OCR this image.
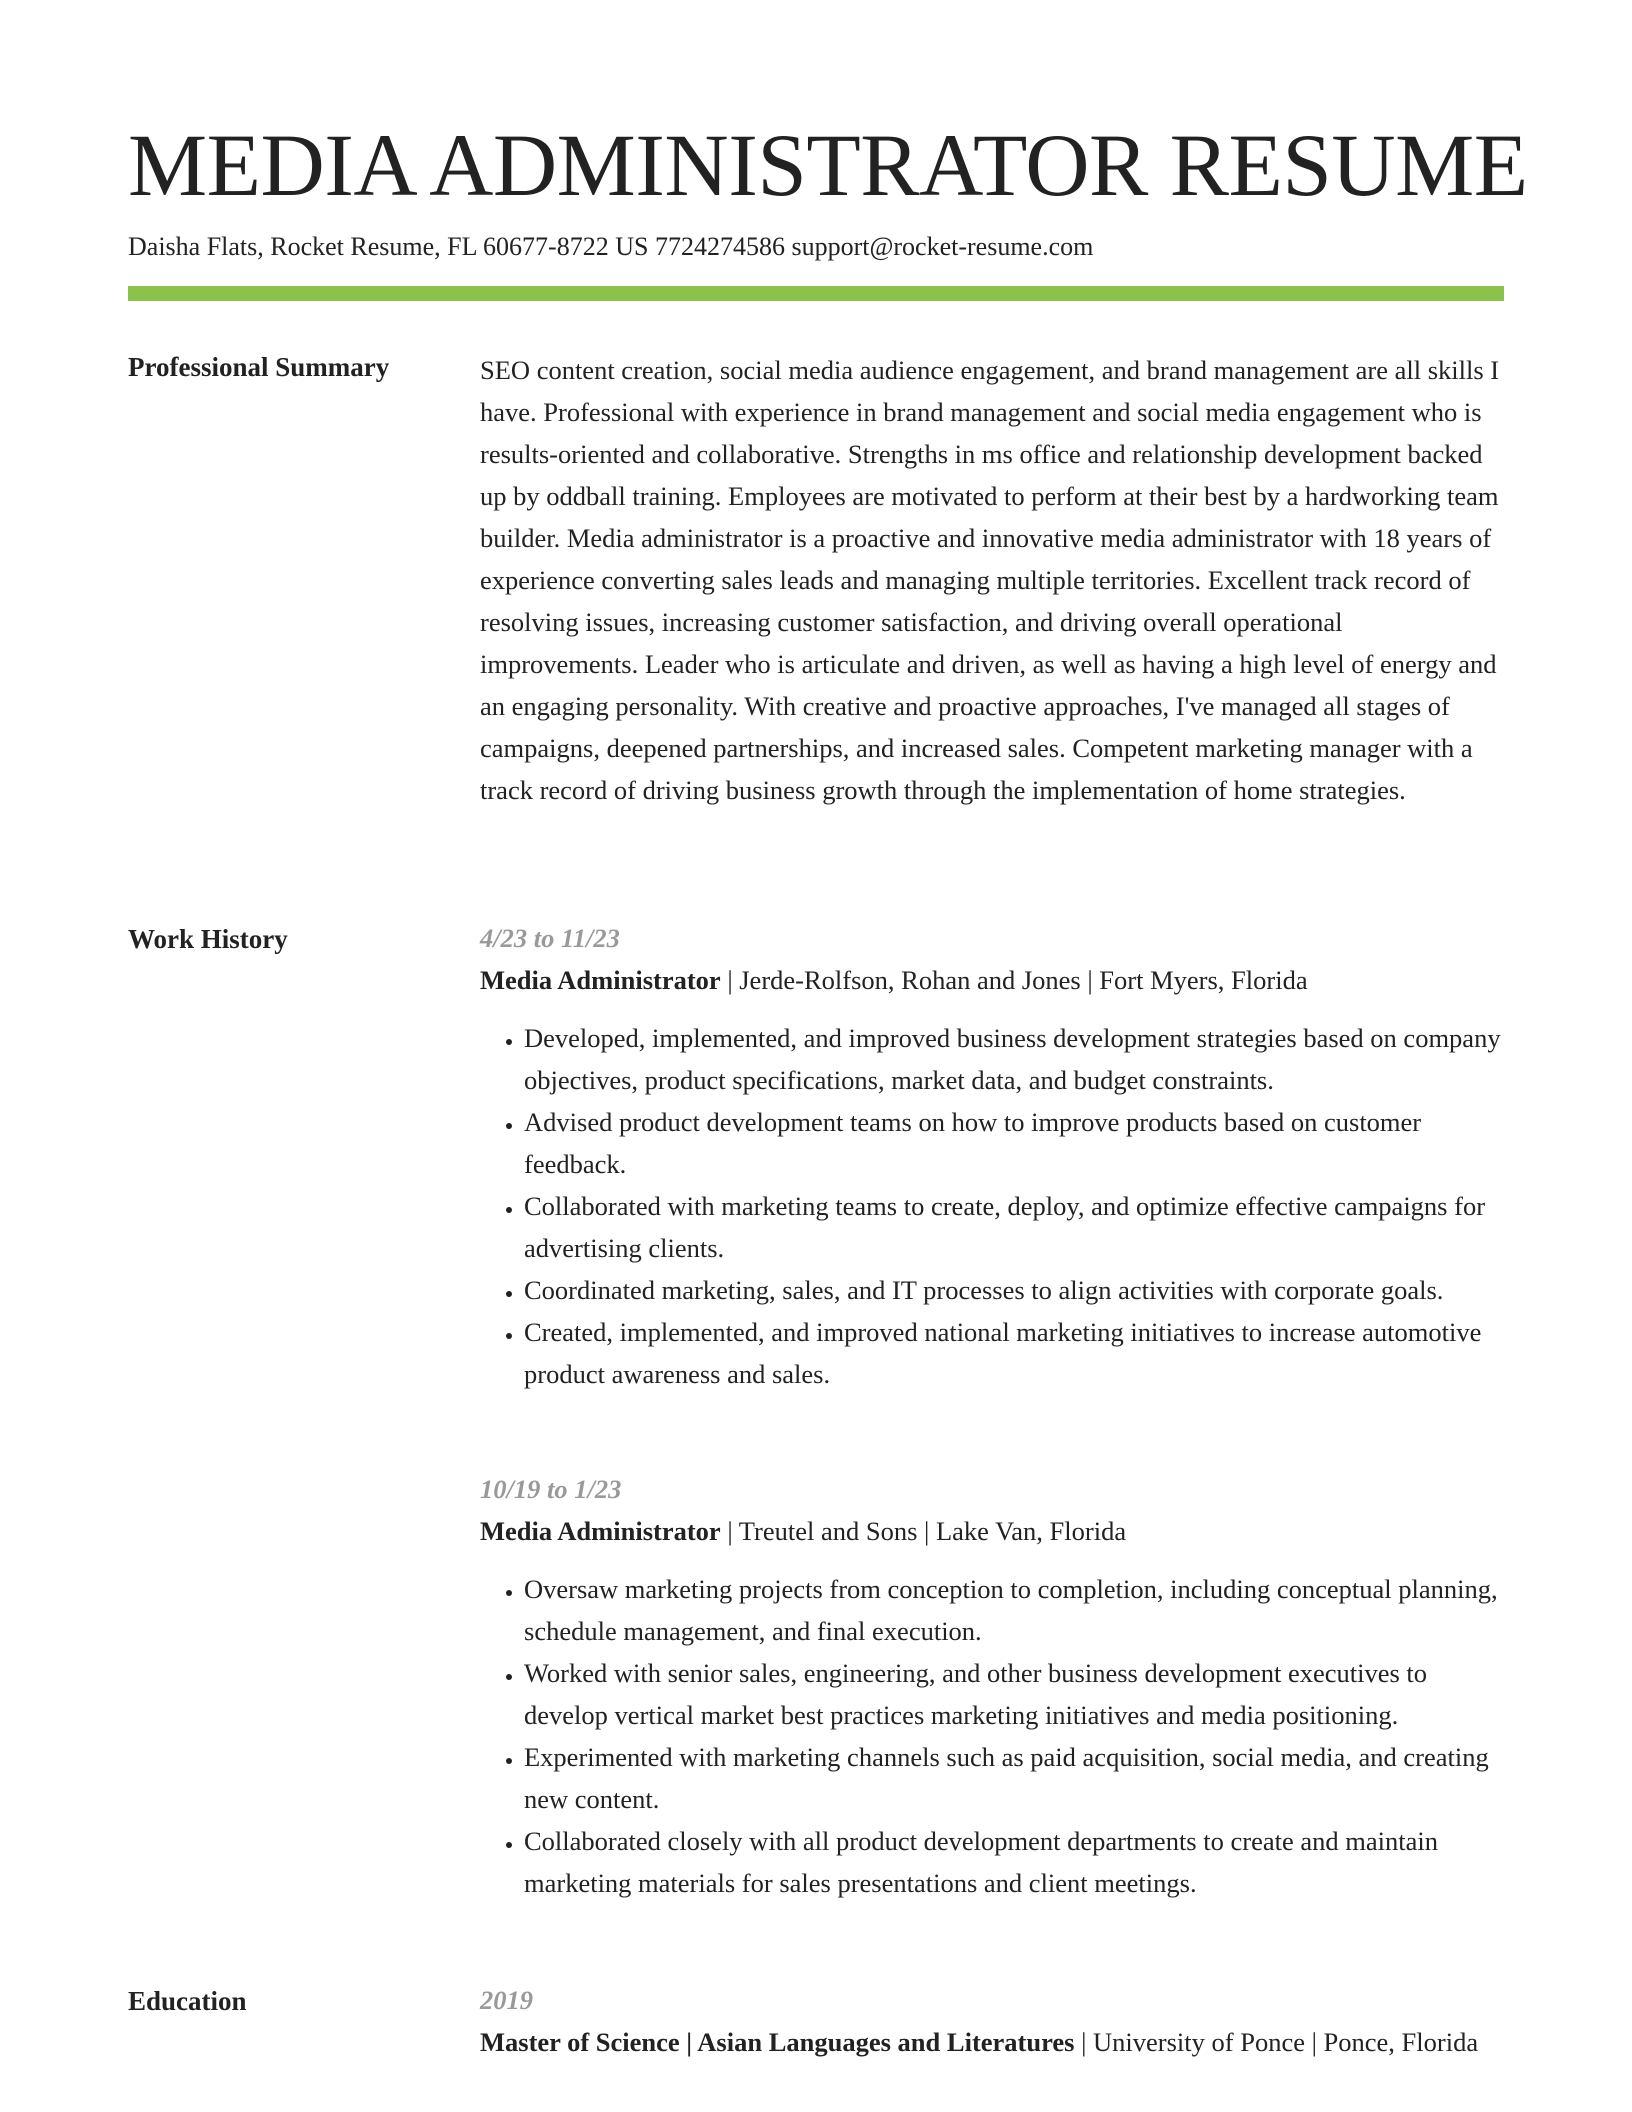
MEDIA ADMINISTRATOR RESUME
Daisha Flats, Rocket Resume, FL 60677-8722 US 7724274586 support@rocket-resume.com
Professional Summary	SEO content creation, social media audience engagement, and brand management are all skills I have. Professional with experience in brand management and social media engagement who is results-oriented and collaborative. Strengths in ms office and relationship development backed up by oddball training. Employees are motivated to perform at their best by a hardworking team builder. Media administrator is a proactive and innovative media administrator with 18 years of experience converting sales leads and managing multiple territories. Excellent track record of resolving issues, increasing customer satisfaction, and driving overall operational improvements. Leader who is articulate and driven, as well as having a high level of energy and an engaging personality. With creative and proactive approaches, I've managed all stages of campaigns, deepened partnerships, and increased sales. Competent marketing manager with a track record of driving business growth through the implementation of home strategies.

Work History	4/23 to 11/23
Media Administrator | Jerde-Rolfson, Rohan and Jones | Fort Myers, Florida
• Developed, implemented, and improved business development strategies based on company objectives, product specifications, market data, and budget constraints.
• Advised product development teams on how to improve products based on customer feedback.
• Collaborated with marketing teams to create, deploy, and optimize effective campaigns for advertising clients.
• Coordinated marketing, sales, and IT processes to align activities with corporate goals.
• Created, implemented, and improved national marketing initiatives to increase automotive product awareness and sales.
10/19 to 1/23
Media Administrator | Treutel and Sons | Lake Van, Florida
• Oversaw marketing projects from conception to completion, including conceptual planning, schedule management, and final execution.
• Worked with senior sales, engineering, and other business development executives to develop vertical market best practices marketing initiatives and media positioning.
• Experimented with marketing channels such as paid acquisition, social media, and creating new content.
• Collaborated closely with all product development departments to create and maintain marketing materials for sales presentations and client meetings.
Education	2019
Master of Science | Asian Languages and Literatures | University of Ponce | Ponce, Florida
